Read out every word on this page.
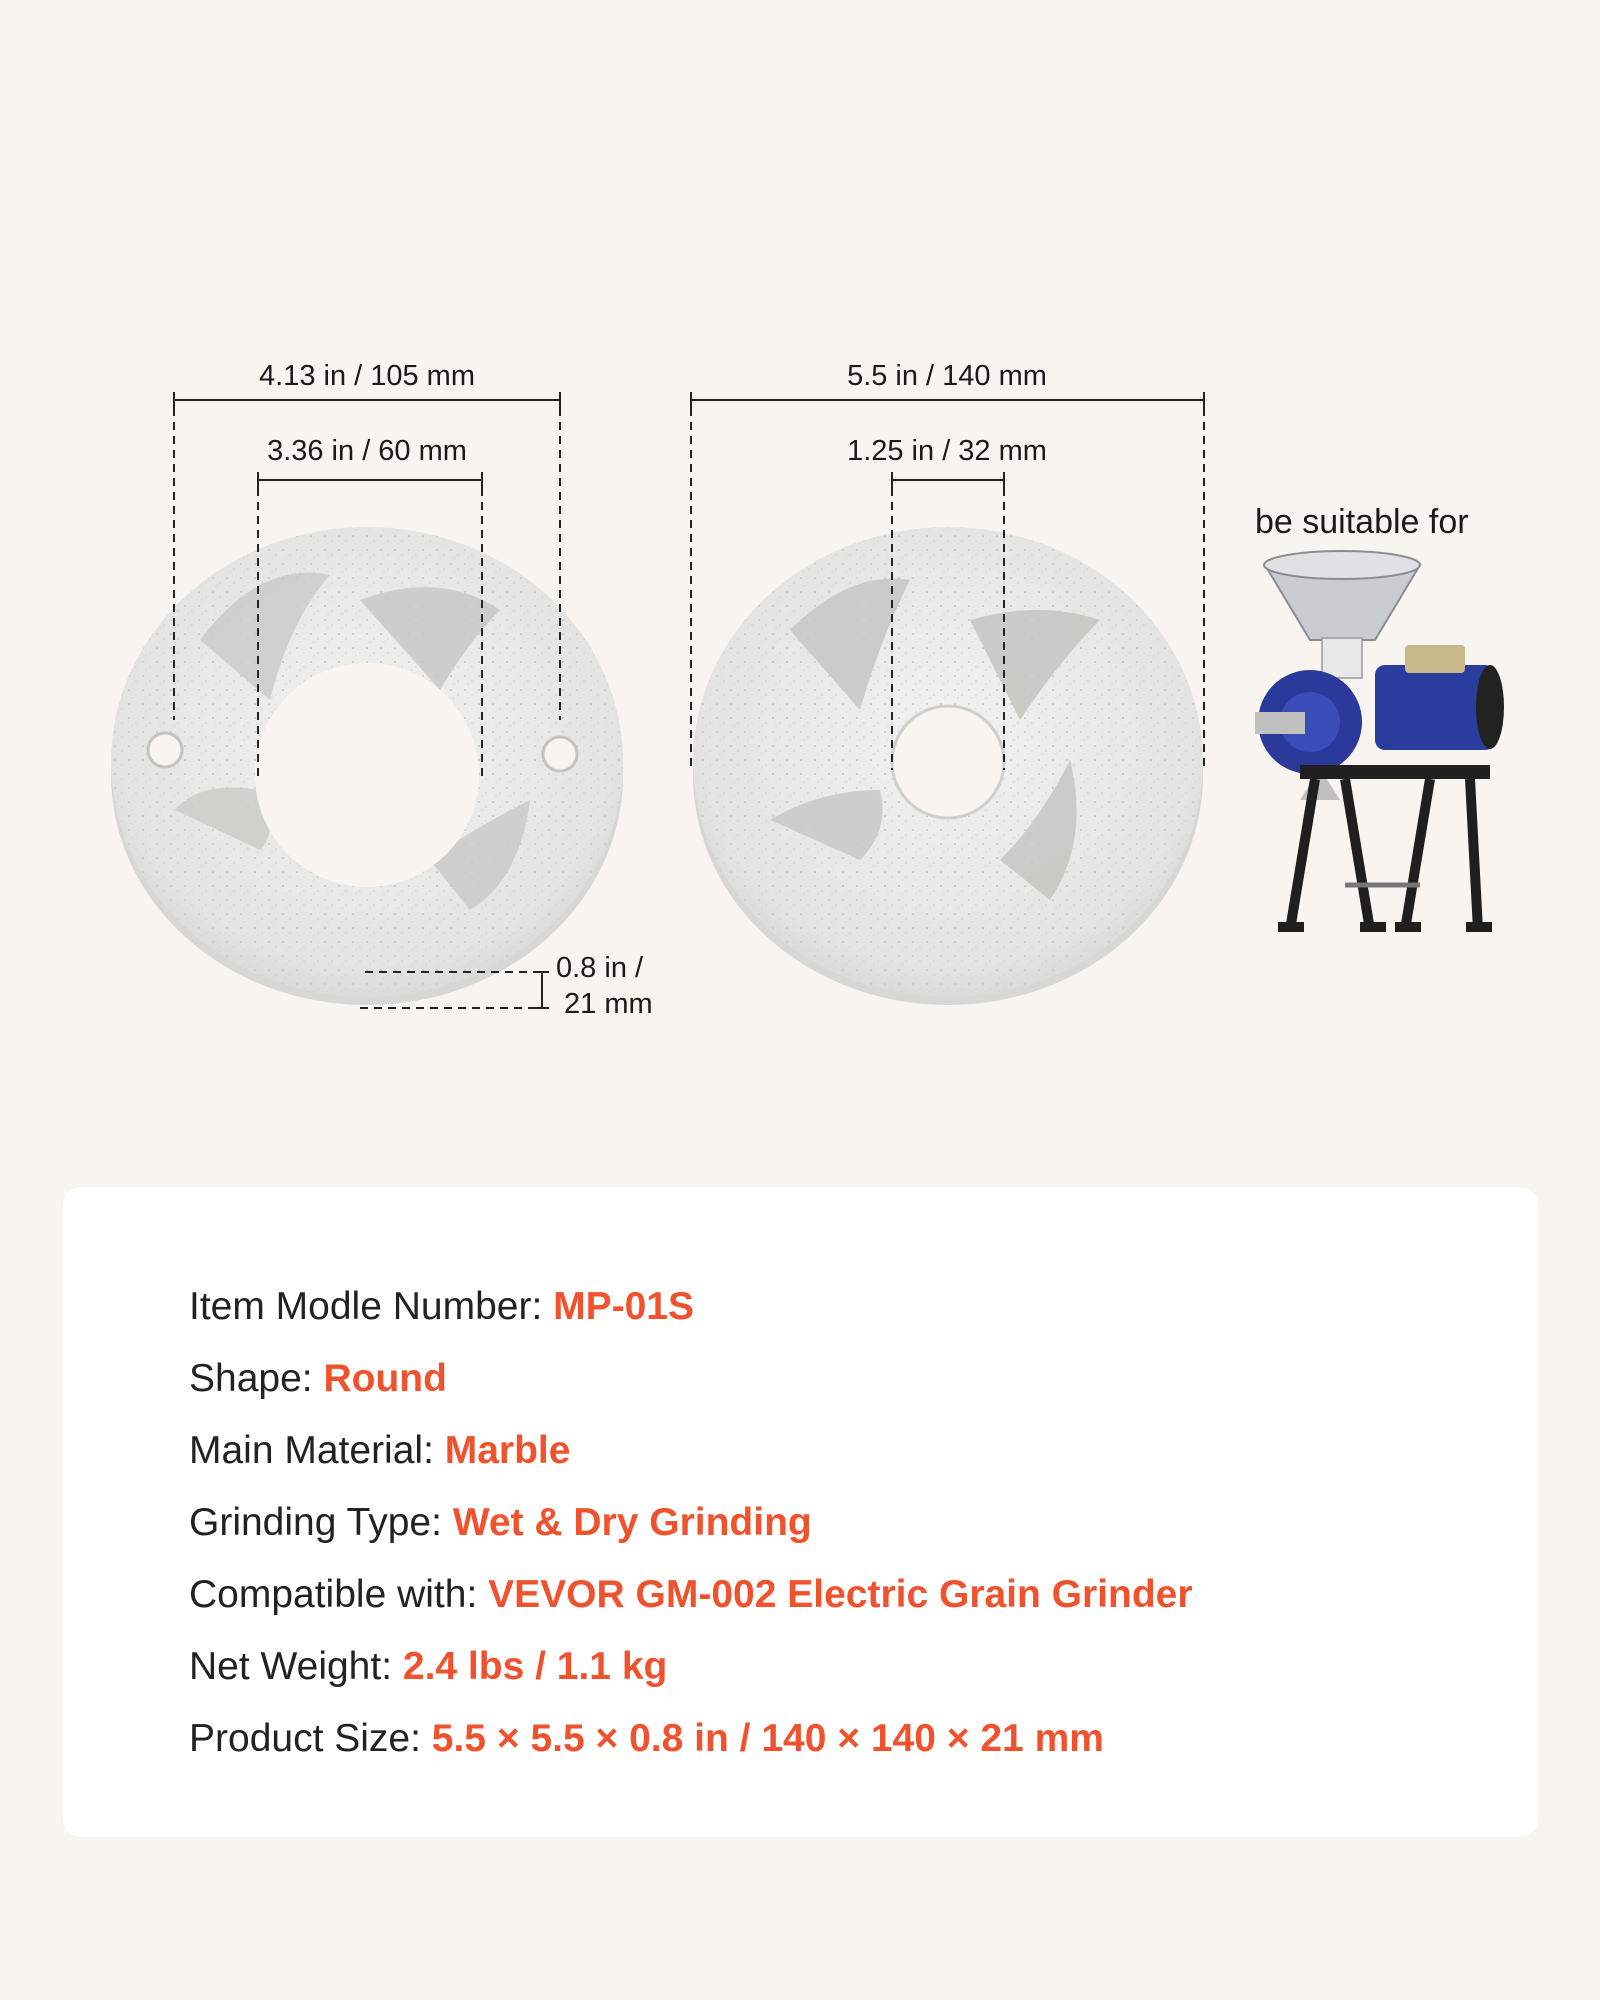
4.13 in / 105 mm
3.36 in / 60 mm
5.5 in / 140 mm
1.25 in / 32 mm
0.8 in /
21 mm
be suitable for
Item Modle Number: MP-01S
Shape: Round
Main Material: Marble
Grinding Type: Wet & Dry Grinding
Compatible with: VEVOR GM-002 Electric Grain Grinder
Net Weight: 2.4 lbs / 1.1 kg
Product Size: 5.5 × 5.5 × 0.8 in / 140 × 140 × 21 mm
